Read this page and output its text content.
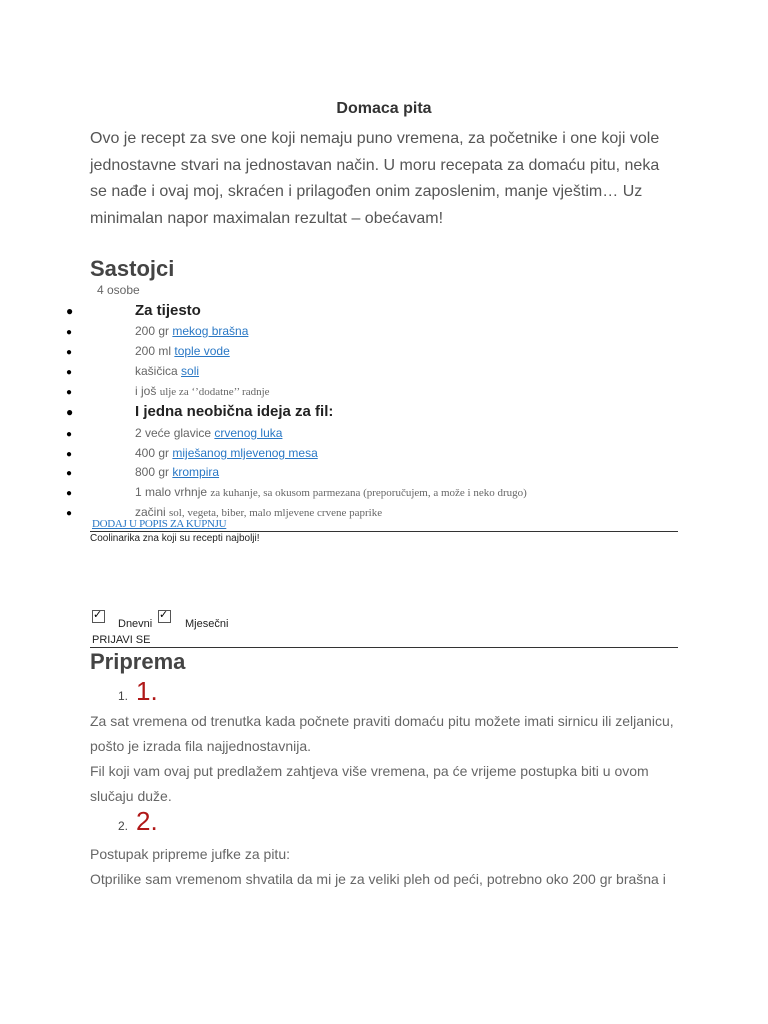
Domaca pita
Ovo je recept za sve one koji nemaju puno vremena, za početnike i one koji vole jednostavne stvari na jednostavan način. U moru recepata za domaću pitu, neka se nađe i ovaj moj, skraćen i prilagođen onim zaposlenim, manje vještim… Uz minimalan napor maximalan rezultat – obećavam!
Sastojci
4 osobe
●	Za tijesto
●	200 gr mekog brašna
●	200 ml tople vode
●	kašičica soli
●	i još ulje za ‘’dodatne’’ radnje
●	I jedna neobična ideja za fil:
●	2 veće glavice crvenog luka
●	400 gr miješanog mljevenog mesa
●	800 gr krompira
●	1 malo vrhnje za kuhanje, sa okusom parmezana (preporučujem, a može i neko drugo)
●	začini sol, vegeta, biber, malo mljevene crvene paprike
DODAJ U POPIS ZA KUPNJU
Coolinarika zna koji su recepti najbolji!
✓
Dnevni
✓
Mjesečni
PRIJAVI SE
Priprema
1. 1.
Za sat vremena od trenutka kada počnete praviti domaću pitu možete imati sirnicu ili zeljanicu,
pošto je izrada fila najjednostavnija.
Fil koji vam ovaj put predlažem zahtjeva više vremena, pa će vrijeme postupka biti u ovom
slučaju duže.
2. 2.
Postupak pripreme jufke za pitu:
Otprilike sam vremenom shvatila da mi je za veliki pleh od peći, potrebno oko 200 gr brašna i
